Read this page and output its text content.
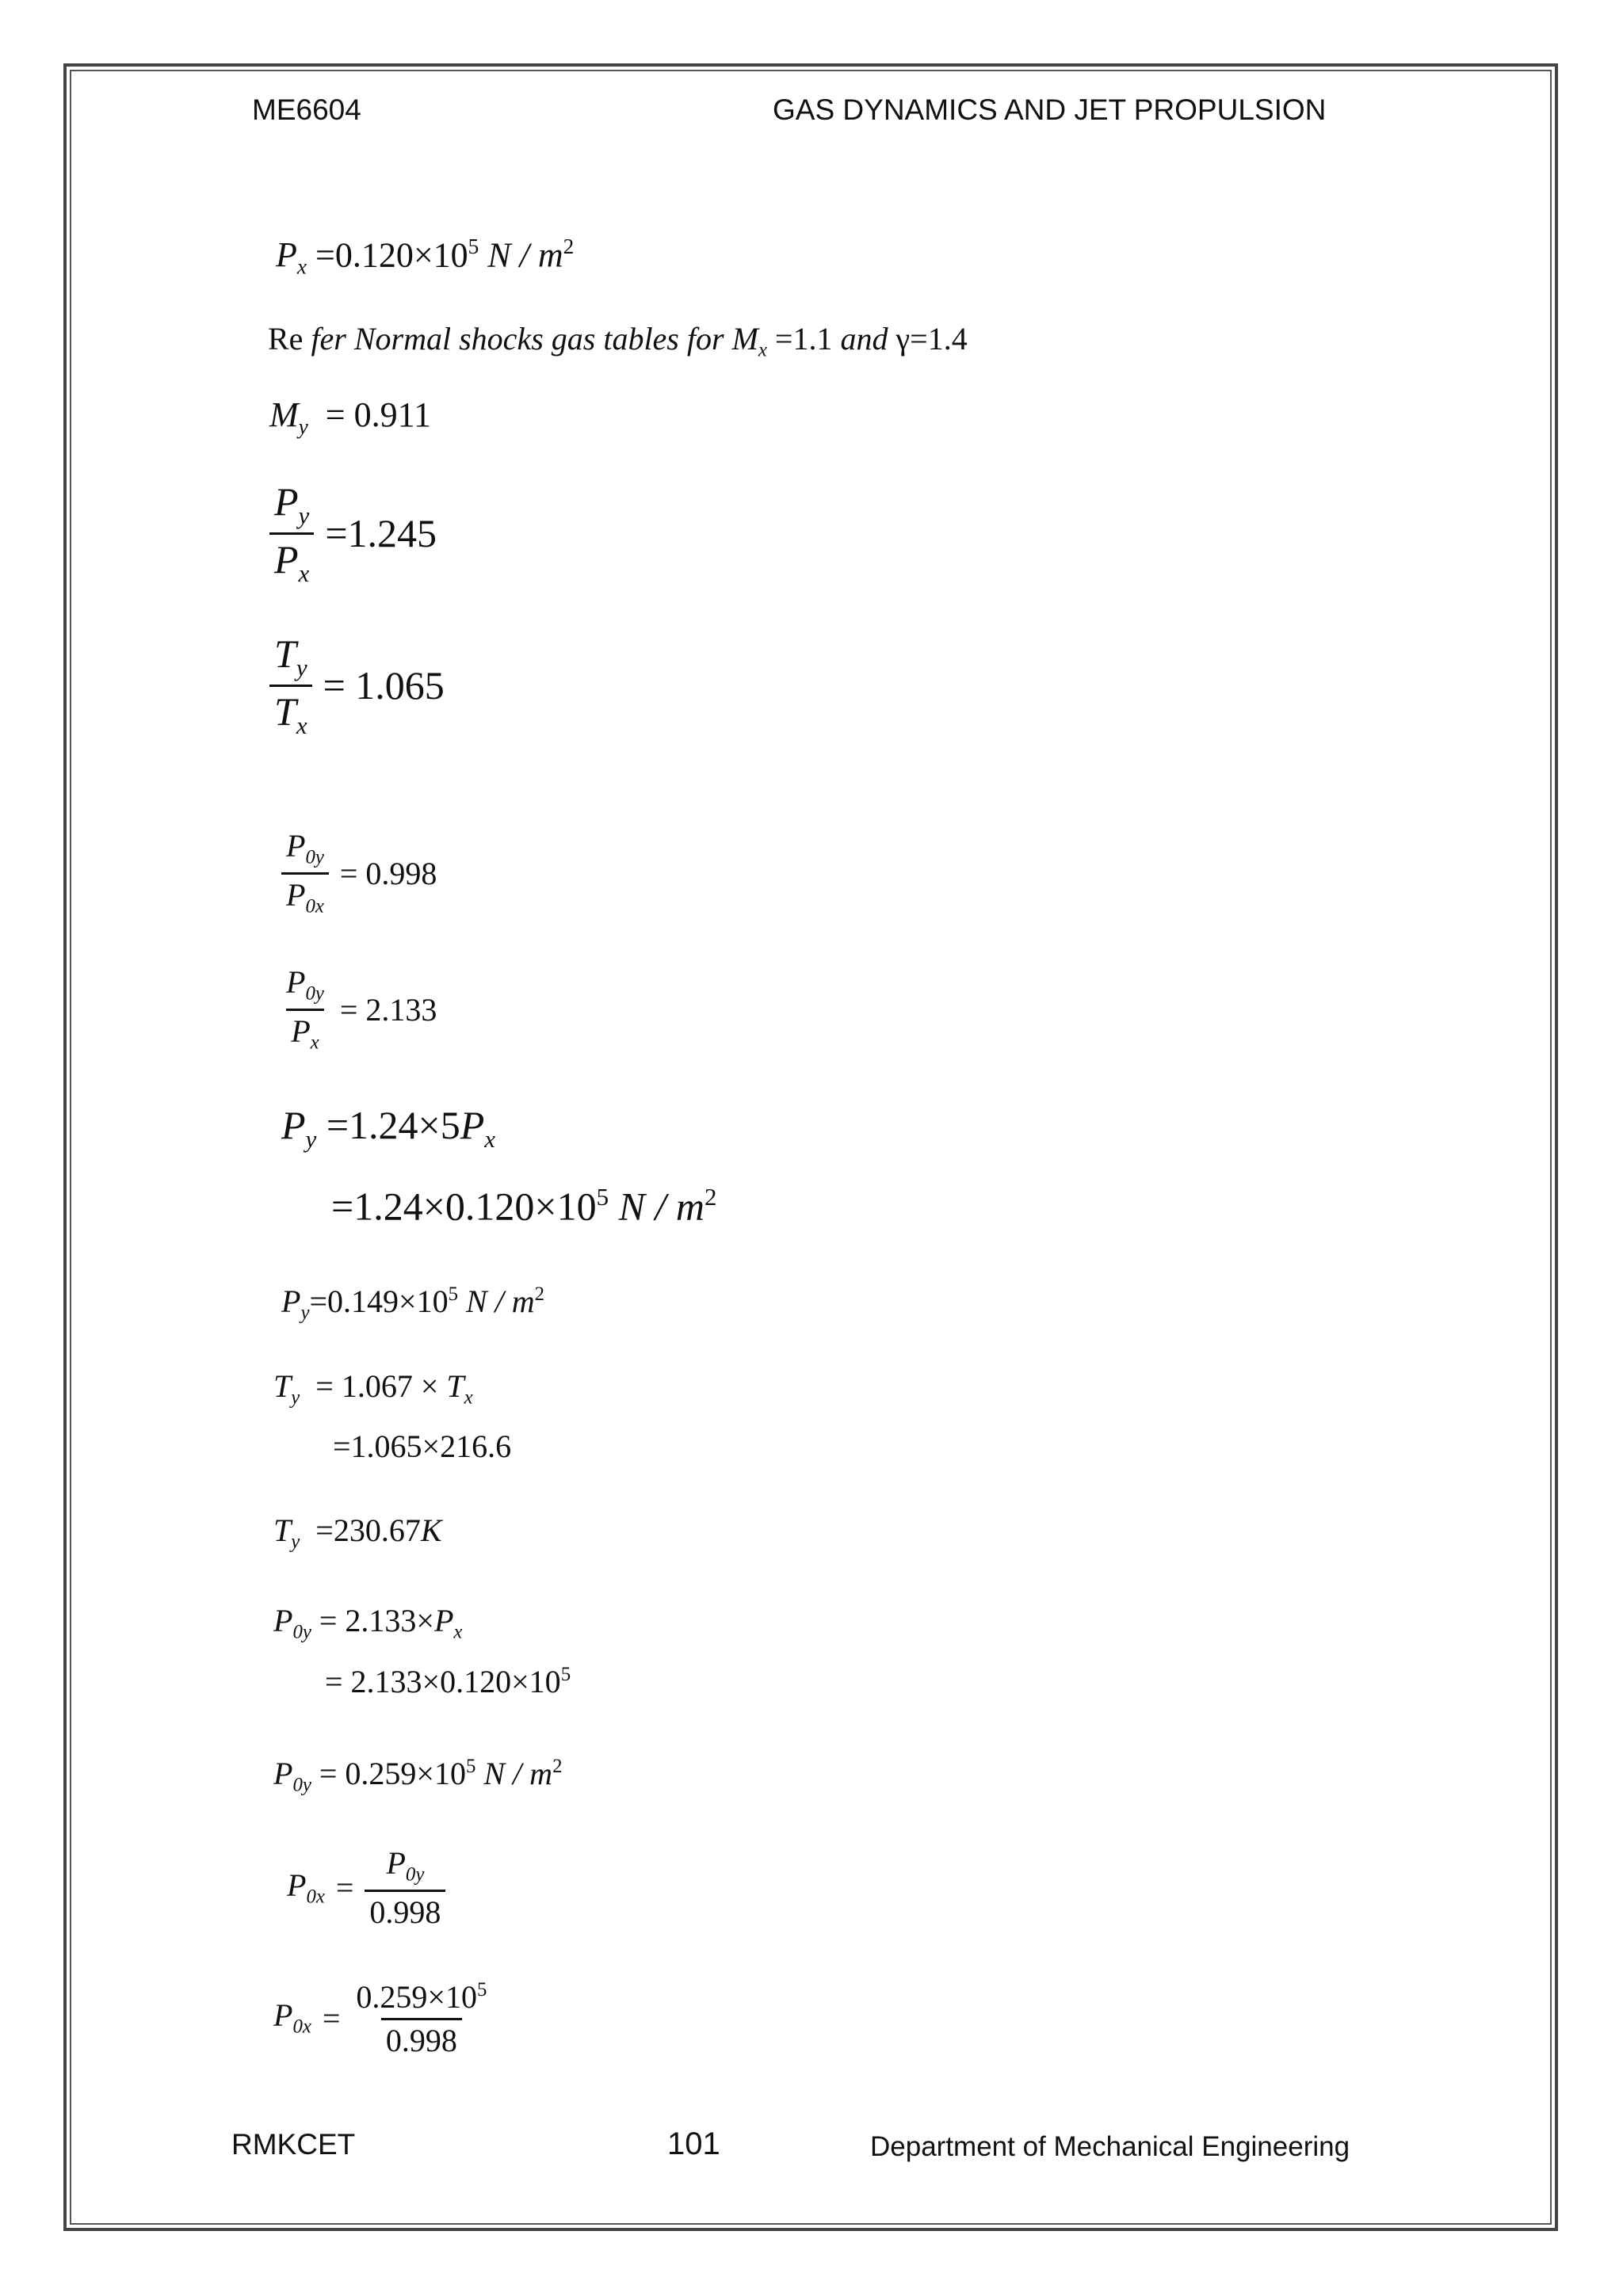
ME6604	GAS DYNAMICS AND JET PROPULSION
$P_x =0.120\times 10^5$ N / $m^2$
Re fer Normal shocks gas tables for $M_x =1.1$ and γ=1.4
$M_y = 0.911$
$\frac{P_y}{P_x} =1.245$
$\frac{T_y}{T_x} = 1.065$
$\frac{P_{0y}}{P_{0x}} = 0.998$
$\frac{P_{0y}}{P_x} = 2.133$
$P_y =1.24\times 5P_x$
$=1.24\times 0.120\times 10^5$ N / $m^2$
$P_y=0.149\times 10^5$ N / $m^2$
$T_y = 1.067 \times T_x$
=1.065×216.6
$T_y =230.67K$
$P_{0y} = 2.133\times P_x$
= $2.133\times 0.120\times 10^5$
$P_{0y} = 0.259\times 10^5$ N / $m^2$
$P_{0x} = \frac{P_{0y}}{0.998}$
$P_{0x} = \frac{0.259\times 10^5}{0.998}$
RMKCET	101	Department of Mechanical Engineering
